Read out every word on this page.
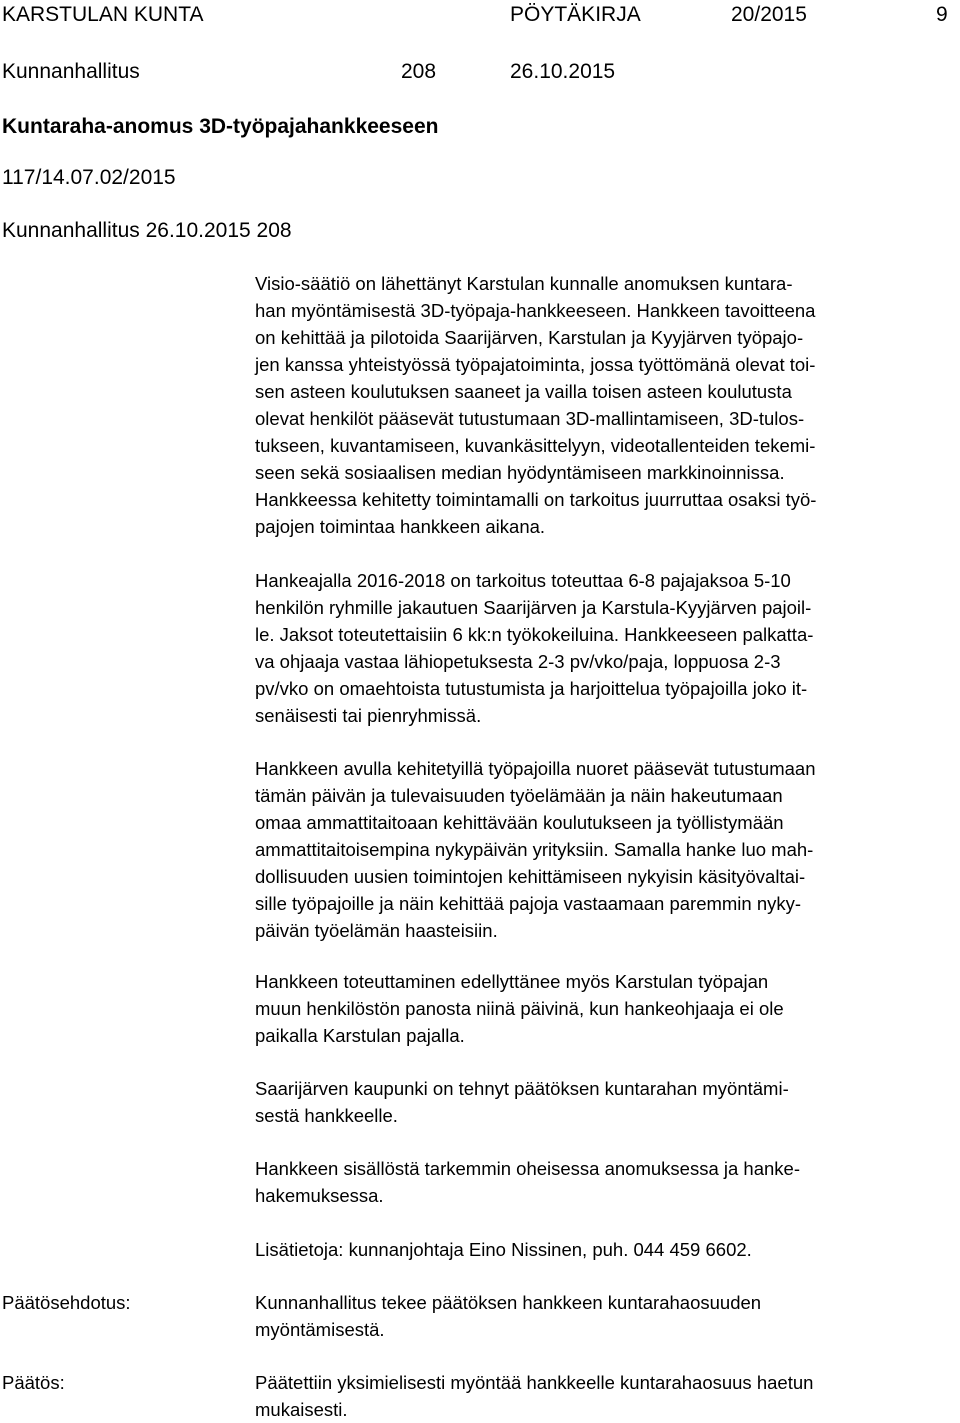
KARSTULAN KUNTA	PÖYTÄKIRJA	20/2015	9
Kunnanhallitus	208	26.10.2015
Kuntaraha-anomus 3D-työpajahankkeeseen
117/14.07.02/2015
Kunnanhallitus 26.10.2015 208
Visio-säätiö on lähettänyt Karstulan kunnalle anomuksen kuntara-
han myöntämisestä 3D-työpaja-hankkeeseen. Hankkeen tavoitteena
on kehittää ja pilotoida Saarijärven, Karstulan ja Kyyjärven työpajo-
jen kanssa yhteistyössä työpajatoiminta, jossa työttömänä olevat toi-
sen asteen koulutuksen saaneet ja vailla toisen asteen koulutusta
olevat henkilöt pääsevät tutustumaan 3D-mallintamiseen, 3D-tulos-
tukseen, kuvantamiseen, kuvankäsittelyyn, videotallenteiden tekemi-
seen sekä sosiaalisen median hyödyntämiseen markkinoinnissa.
Hankkeessa kehitetty toimintamalli on tarkoitus juurruttaa osaksi työ-
pajojen toimintaa hankkeen aikana.
Hankeajalla 2016-2018 on tarkoitus toteuttaa 6-8 pajajaksoa 5-10
henkilön ryhmille jakautuen Saarijärven ja Karstula-Kyyjärven pajoil-
le. Jaksot toteutettaisiin 6 kk:n työkokeiluina. Hankkeeseen palkatta-
va ohjaaja vastaa lähiopetuksesta 2-3 pv/vko/paja, loppuosa 2-3
pv/vko on omaehtoista tutustumista ja harjoittelua työpajoilla joko it-
senäisesti tai pienryhmissä.
Hankkeen avulla kehitetyillä työpajoilla nuoret pääsevät tutustumaan
tämän päivän ja tulevaisuuden työelämään ja näin hakeutumaan
omaa ammattitaitoaan kehittävään koulutukseen ja työllistymään
ammattitaitoisempina nykypäivän yrityksiin. Samalla hanke luo mah-
dollisuuden uusien toimintojen kehittämiseen nykyisin käsityövaltai-
sille työpajoille ja näin kehittää pajoja vastaamaan paremmin nyky-
päivän työelämän haasteisiin.
Hankkeen toteuttaminen edellyttänee myös Karstulan työpajan
muun henkilöstön panosta niinä päivinä, kun hankeohjaaja ei ole
paikalla Karstulan pajalla.
Saarijärven kaupunki on tehnyt päätöksen kuntarahan myöntämi-
sestä hankkeelle.
Hankkeen sisällöstä tarkemmin oheisessa anomuksessa ja hanke-
hakemuksessa.
Lisätietoja: kunnanjohtaja Eino Nissinen, puh. 044 459 6602.
Päätösehdotus:	Kunnanhallitus tekee päätöksen hankkeen kuntarahaosuuden
myöntämisestä.
Päätös:	Päätettiin yksimielisesti myöntää hankkeelle kuntarahaosuus haetun
mukaisesti.
